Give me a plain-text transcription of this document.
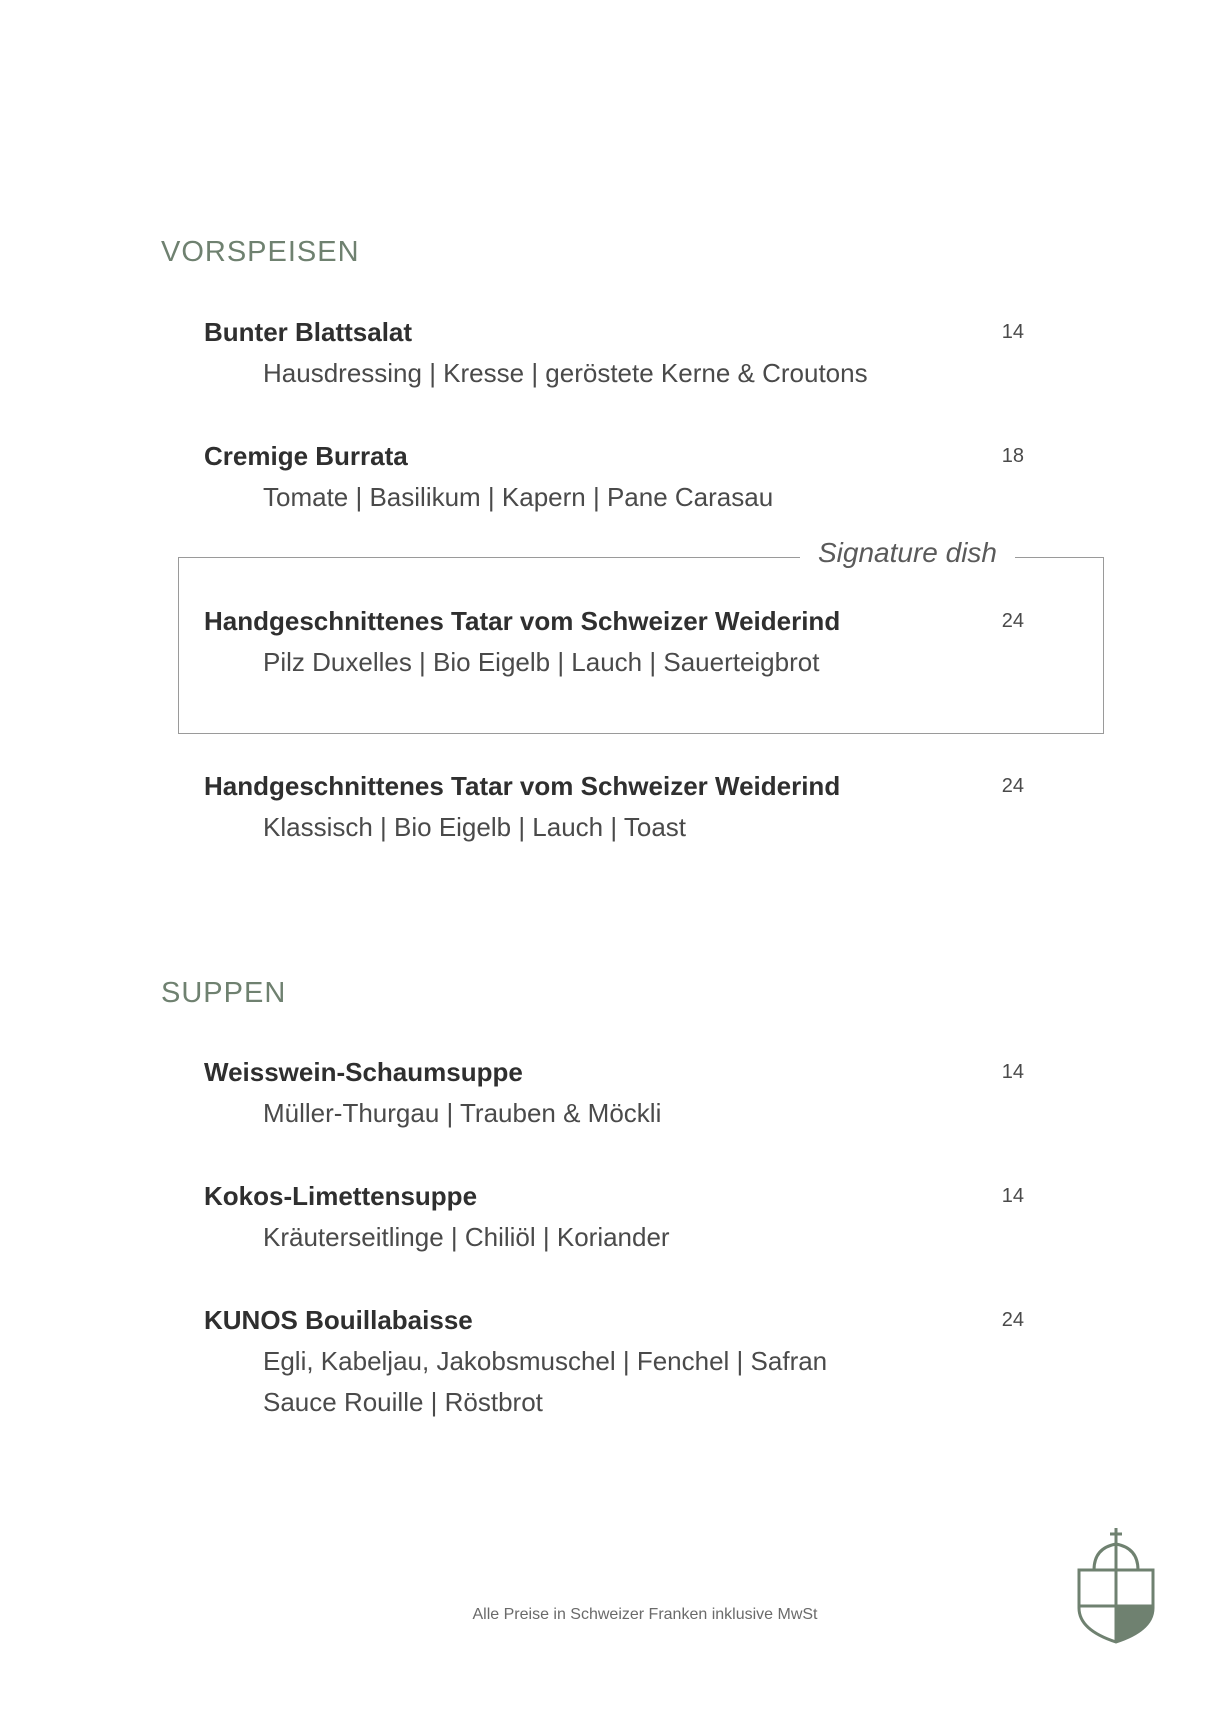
VORSPEISEN
Bunter Blattsalat	14
Hausdressing | Kresse | geröstete Kerne & Croutons
Cremige Burrata	18
Tomate | Basilikum | Kapern | Pane Carasau
Signature dish
Handgeschnittenes Tatar vom Schweizer Weiderind	24
Pilz Duxelles | Bio Eigelb | Lauch | Sauerteigbrot
Handgeschnittenes Tatar vom Schweizer Weiderind	24
Klassisch | Bio Eigelb | Lauch | Toast
SUPPEN
Weisswein-Schaumsuppe	14
Müller-Thurgau | Trauben & Möckli
Kokos-Limettensuppe	14
Kräuterseitlinge | Chiliöl | Koriander
KUNOS Bouillabaisse	24
Egli, Kabeljau, Jakobsmuschel | Fenchel | Safran
Sauce Rouille | Röstbrot
Alle Preise in Schweizer Franken inklusive MwSt
